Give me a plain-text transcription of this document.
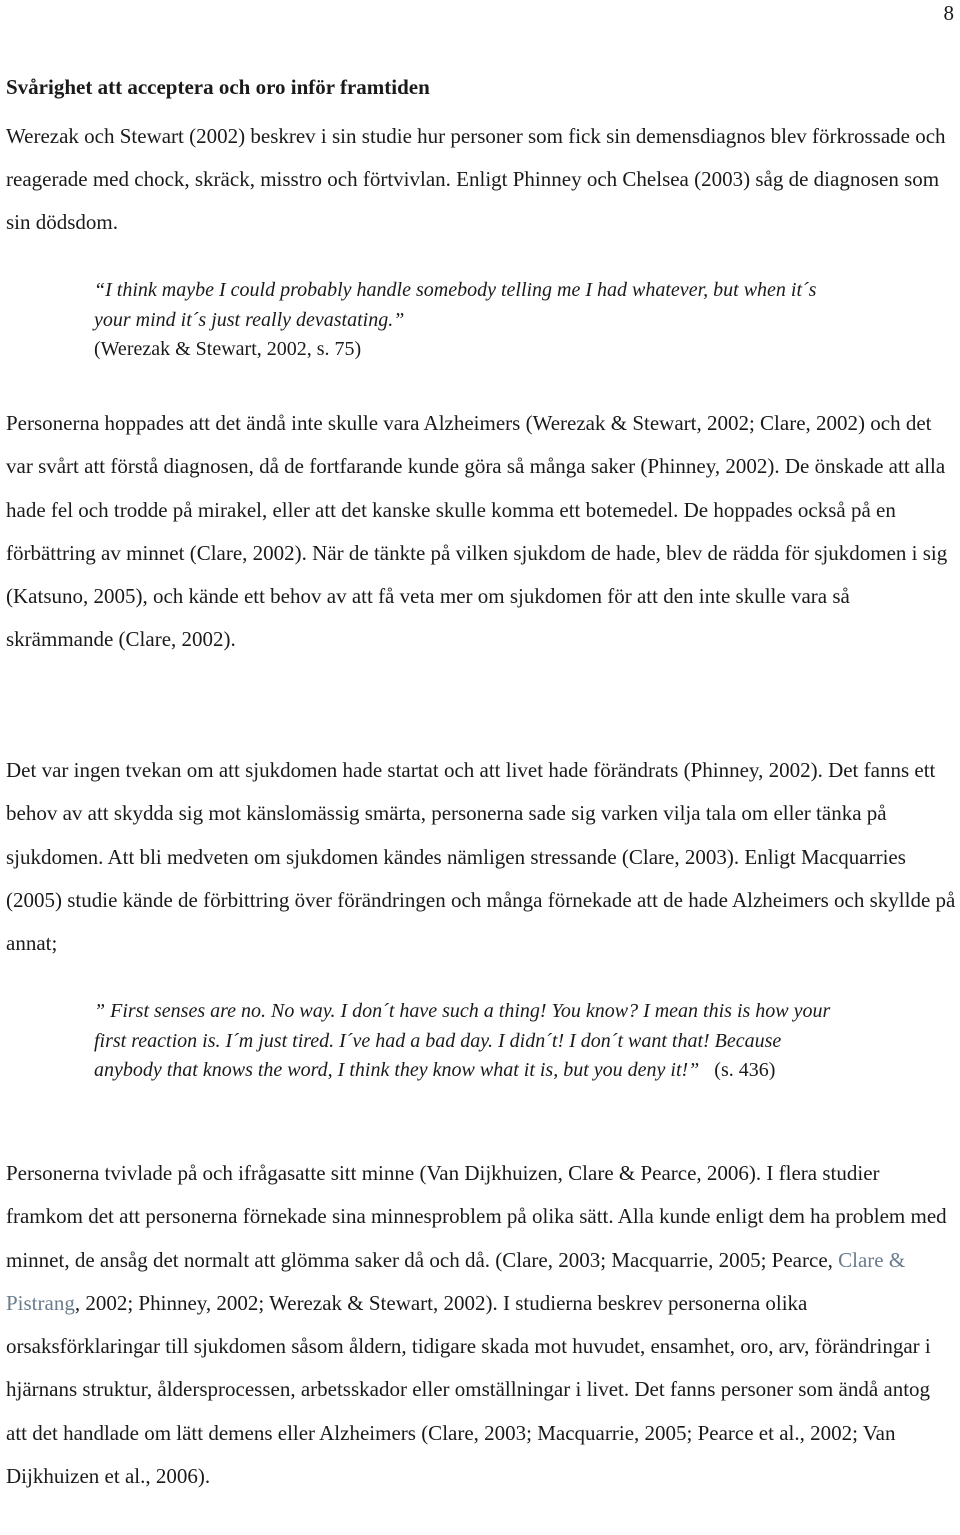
8
Svårighet att acceptera och oro inför framtiden

Werezak och Stewart (2002) beskrev i sin studie hur personer som fick sin demensdiagnos blev förkrossade och reagerade med chock, skräck, misstro och förtvivlan. Enligt Phinney och Chelsea (2003) såg de diagnosen som sin dödsdom.

“I think maybe I could probably handle somebody telling me I had whatever, but when it´s your mind it´s just really devastating.”
(Werezak & Stewart, 2002, s. 75)

Personerna hoppades att det ändå inte skulle vara Alzheimers (Werezak & Stewart, 2002; Clare, 2002) och det var svårt att förstå diagnosen, då de fortfarande kunde göra så många saker (Phinney, 2002). De önskade att alla hade fel och trodde på mirakel, eller att det kanske skulle komma ett botemedel. De hoppades också på en förbättring av minnet (Clare, 2002). När de tänkte på vilken sjukdom de hade, blev de rädda för sjukdomen i sig (Katsuno, 2005), och kände ett behov av att få veta mer om sjukdomen för att den inte skulle vara så skrämmande (Clare, 2002).

Det var ingen tvekan om att sjukdomen hade startat och att livet hade förändrats (Phinney, 2002). Det fanns ett behov av att skydda sig mot känslomässig smärta, personerna sade sig varken vilja tala om eller tänka på sjukdomen. Att bli medveten om sjukdomen kändes nämligen stressande (Clare, 2003). Enligt Macquarries (2005) studie kände de förbittring över förändringen och många förnekade att de hade Alzheimers och skyllde på annat;

” First senses are no. No way. I don´t have such a thing! You know? I mean this is how your first reaction is. I´m just tired. I´ve had a bad day. I didn´t! I don´t want that! Because anybody that knows the word, I think they know what it is, but you deny it!” (s. 436)

Personerna tvivlade på och ifrågasatte sitt minne (Van Dijkhuizen, Clare & Pearce, 2006). I flera studier framkom det att personerna förnekade sina minnesproblem på olika sätt. Alla kunde enligt dem ha problem med minnet, de ansåg det normalt att glömma saker då och då. (Clare, 2003; Macquarrie, 2005; Pearce, Clare & Pistrang, 2002; Phinney, 2002; Werezak & Stewart, 2002). I studierna beskrev personerna olika orsaksförklaringar till sjukdomen såsom åldern, tidigare skada mot huvudet, ensamhet, oro, arv, förändringar i hjärnans struktur, åldersprocessen, arbetsskador eller omställningar i livet. Det fanns personer som ändå antog att det handlade om lätt demens eller Alzheimers (Clare, 2003; Macquarrie, 2005; Pearce et al., 2002; Van Dijkhuizen et al., 2006).
